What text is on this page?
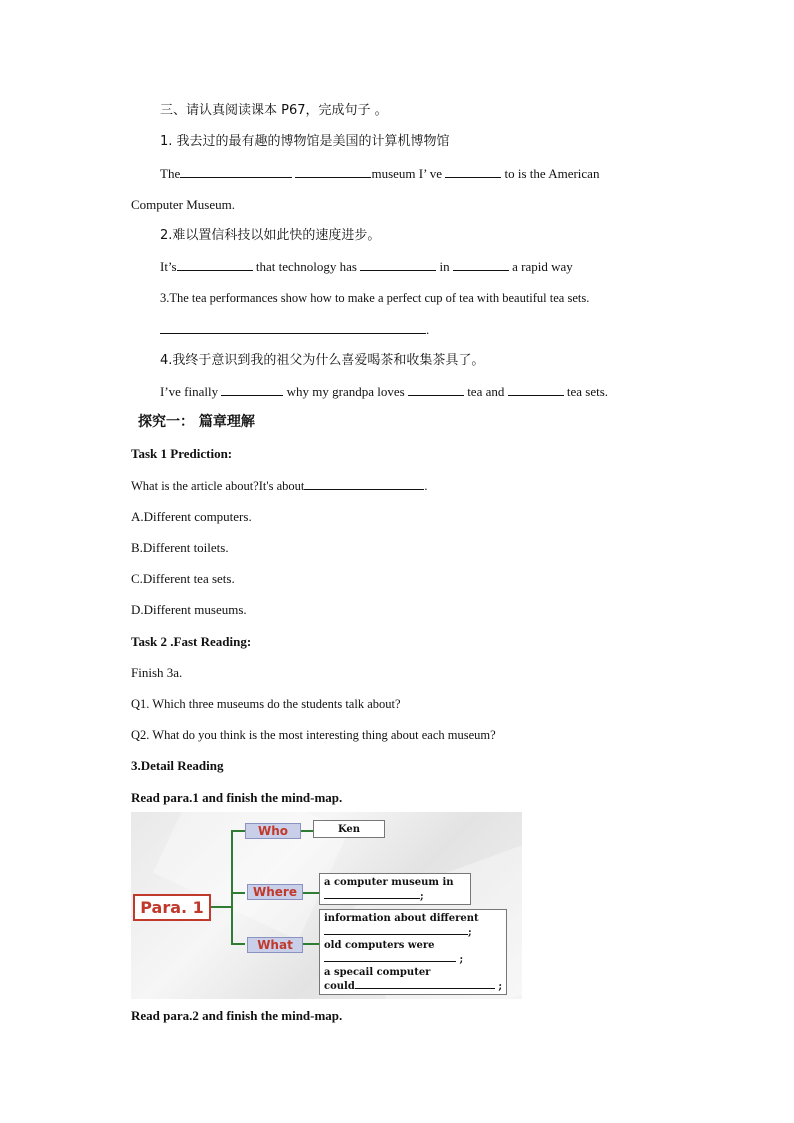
三、请认真阅读课本 P67，完成句子 。
1. 我去过的最有趣的博物馆是美国的计算机博物馆
The	museum I’ ve	to is the American
Computer Museum.
2.难以置信科技以如此快的速度进步。
It’s	that technology has	in	a rapid way
3.The tea performances show how to make a perfect cup of tea with beautiful tea sets.
.
4.我终于意识到我的祖父为什么喜爱喝茶和收集茶具了。
I’ve finally	why my grandpa loves	tea and	tea sets.
探究一： 篇章理解
Task 1 Prediction:
What is the article about?It's about	.
A.Different computers.
B.Different toilets.
C.Different tea sets.
D.Different museums.
Task 2 .Fast Reading:
Finish 3a.
Q1. Which three museums do the students talk about?
Q2. What do you think is the most interesting thing about each museum?
3.Detail Reading
Read para.1 and finish the mind-map.
Para. 1
Who	Ken
Where
a computer museum in
;
What
information about different
;
old computers were
;
a specail computer
could	;
Read para.2 and finish the mind-map.
